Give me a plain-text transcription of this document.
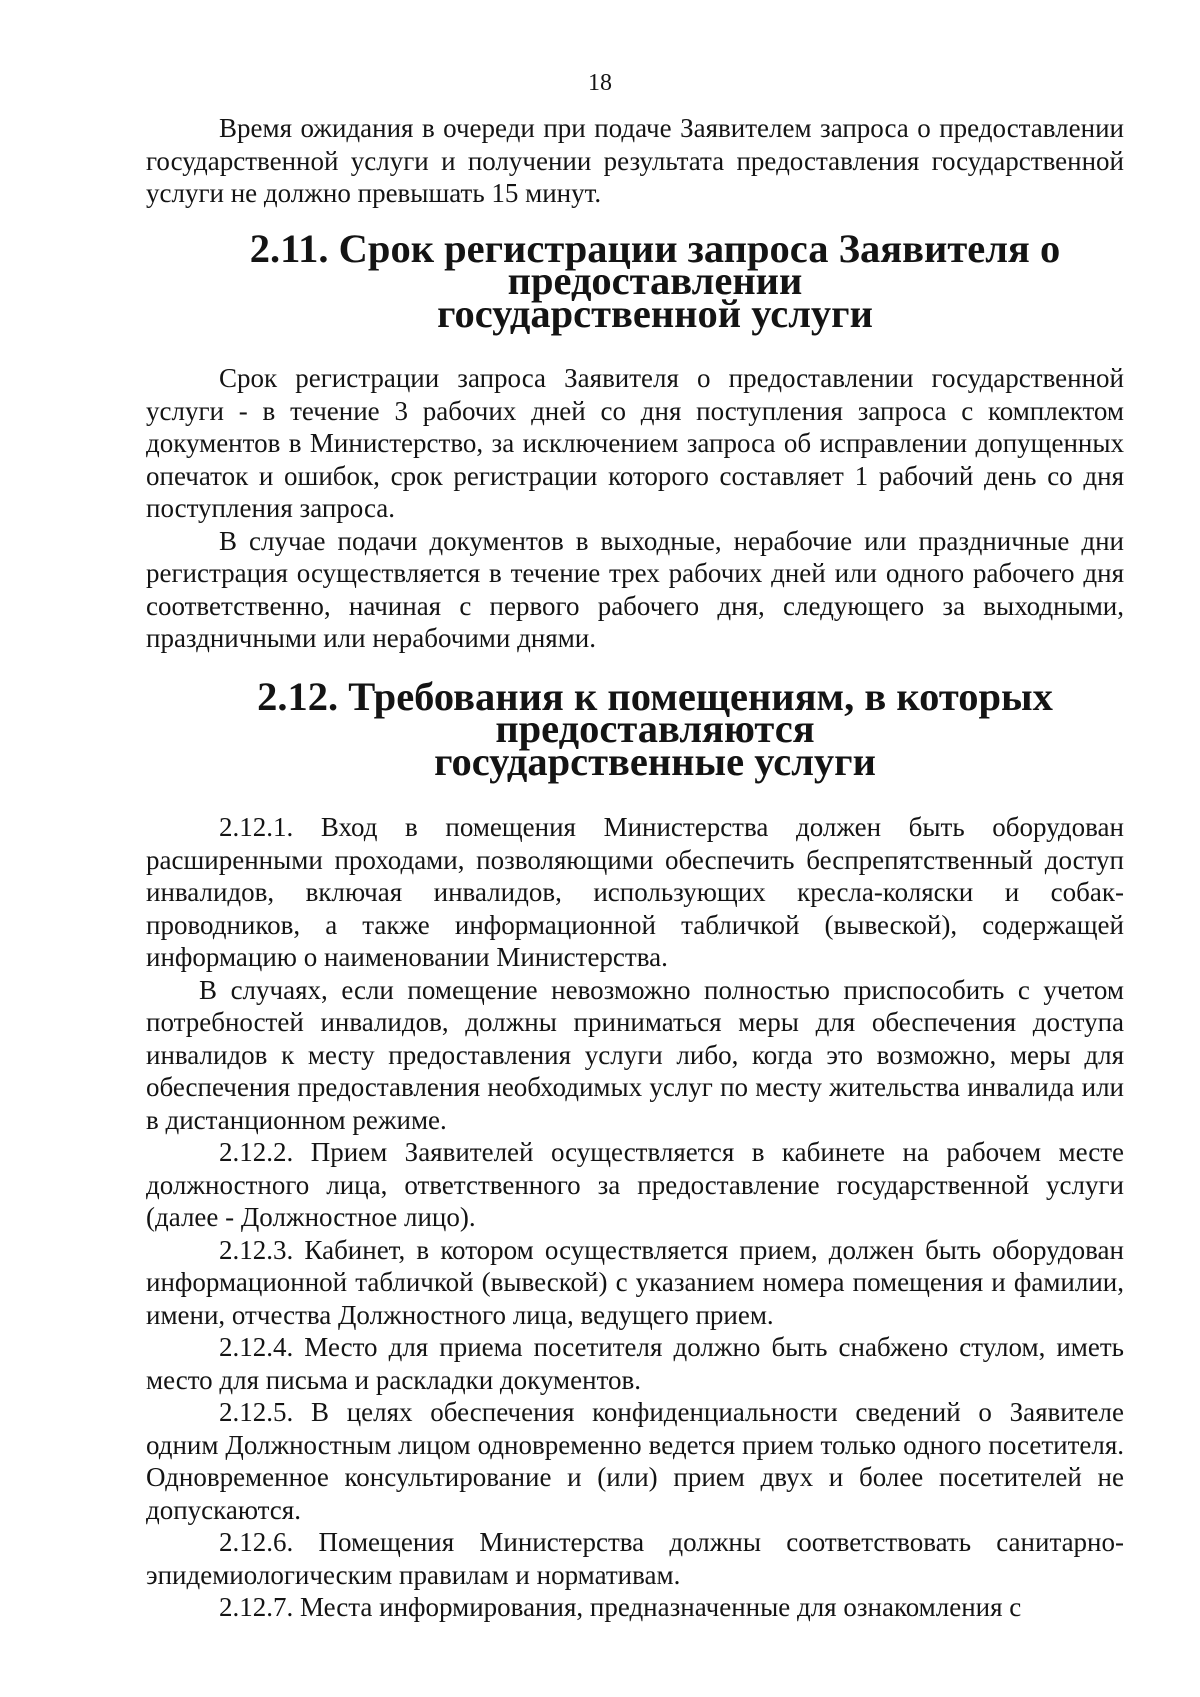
18

Время ожидания в очереди при подаче Заявителем запроса о предоставлении государственной услуги и получении результата предоставления государственной услуги не должно превышать 15 минут.

2.11. Срок регистрации запроса Заявителя о предоставлении
государственной услуги

Срок регистрации запроса Заявителя о предоставлении государственной услуги - в течение 3 рабочих дней со дня поступления запроса с комплектом документов в Министерство, за исключением запроса об исправлении допущенных опечаток и ошибок, срок регистрации которого составляет 1 рабочий день со дня поступления запроса.

В случае подачи документов в выходные, нерабочие или праздничные дни регистрация осуществляется в течение трех рабочих дней или одного рабочего дня соответственно, начиная с первого рабочего дня, следующего за выходными, праздничными или нерабочими днями.

2.12. Требования к помещениям, в которых предоставляются
государственные услуги

2.12.1. Вход в помещения Министерства должен быть оборудован расширенными проходами, позволяющими обеспечить беспрепятственный доступ инвалидов, включая инвалидов, использующих кресла-коляски и собак-проводников, а также информационной табличкой (вывеской), содержащей информацию о наименовании Министерства.

В случаях, если помещение невозможно полностью приспособить с учетом потребностей инвалидов, должны приниматься меры для обеспечения доступа инвалидов к месту предоставления услуги либо, когда это возможно, меры для обеспечения предоставления необходимых услуг по месту жительства инвалида или в дистанционном режиме.

2.12.2. Прием Заявителей осуществляется в кабинете на рабочем месте должностного лица, ответственного за предоставление государственной услуги (далее - Должностное лицо).

2.12.3. Кабинет, в котором осуществляется прием, должен быть оборудован информационной табличкой (вывеской) с указанием номера помещения и фамилии, имени, отчества Должностного лица, ведущего прием.

2.12.4. Место для приема посетителя должно быть снабжено стулом, иметь место для письма и раскладки документов.

2.12.5. В целях обеспечения конфиденциальности сведений о Заявителе одним Должностным лицом одновременно ведется прием только одного посетителя. Одновременное консультирование и (или) прием двух и более посетителей не допускаются.

2.12.6. Помещения Министерства должны соответствовать санитарно-эпидемиологическим правилам и нормативам.

2.12.7. Места информирования, предназначенные для ознакомления с
